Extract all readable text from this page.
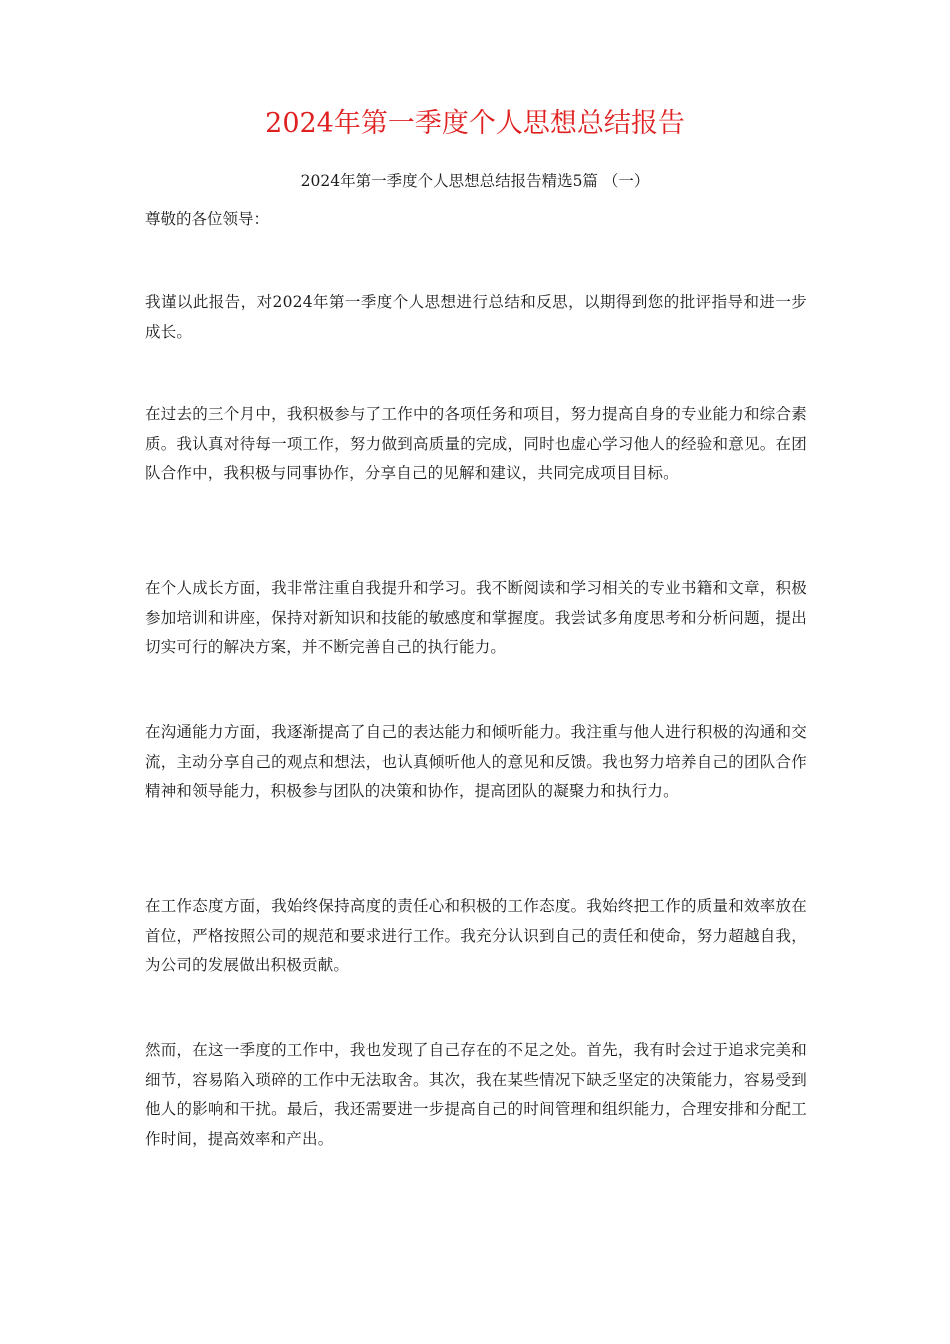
2024年第一季度个人思想总结报告
2024年第一季度个人思想总结报告精选5篇 （一）
尊敬的各位领导：
我谨以此报告，对2024年第一季度个人思想进行总结和反思，以期得到您的批评指导和进一步成长。
在过去的三个月中，我积极参与了工作中的各项任务和项目，努力提高自身的专业能力和综合素质。我认真对待每一项工作，努力做到高质量的完成，同时也虚心学习他人的经验和意见。在团队合作中，我积极与同事协作，分享自己的见解和建议，共同完成项目目标。
在个人成长方面，我非常注重自我提升和学习。我不断阅读和学习相关的专业书籍和文章，积极参加培训和讲座，保持对新知识和技能的敏感度和掌握度。我尝试多角度思考和分析问题，提出切实可行的解决方案，并不断完善自己的执行能力。
在沟通能力方面，我逐渐提高了自己的表达能力和倾听能力。我注重与他人进行积极的沟通和交流，主动分享自己的观点和想法，也认真倾听他人的意见和反馈。我也努力培养自己的团队合作精神和领导能力，积极参与团队的决策和协作，提高团队的凝聚力和执行力。
在工作态度方面，我始终保持高度的责任心和积极的工作态度。我始终把工作的质量和效率放在首位，严格按照公司的规范和要求进行工作。我充分认识到自己的责任和使命，努力超越自我，为公司的发展做出积极贡献。
然而，在这一季度的工作中，我也发现了自己存在的不足之处。首先，我有时会过于追求完美和细节，容易陷入琐碎的工作中无法取舍。其次，我在某些情况下缺乏坚定的决策能力，容易受到他人的影响和干扰。最后，我还需要进一步提高自己的时间管理和组织能力，合理安排和分配工作时间，提高效率和产出。
